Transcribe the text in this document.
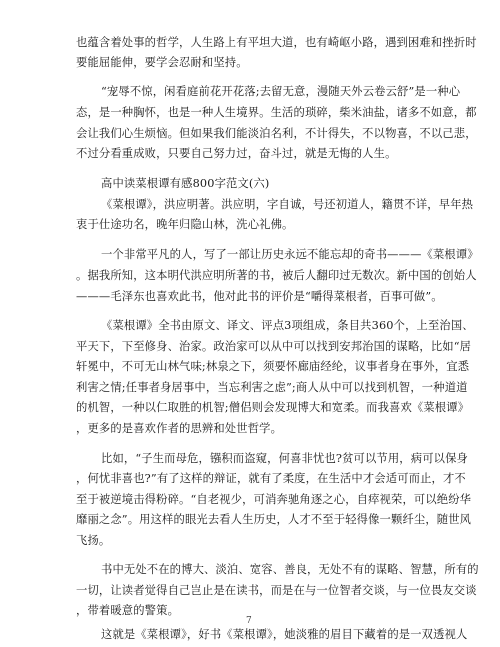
也蕴含着处事的哲学，人生路上有平坦大道，也有崎岖小路，遇到困难和挫折时
要能屈能伸，要学会忍耐和坚持。
“宠辱不惊，闲看庭前花开花落;去留无意，漫随天外云卷云舒”是一种心
态，是一种胸怀，也是一种人生境界。生活的琐碎，柴米油盐，诸多不如意，都
会让我们心生烦恼。但如果我们能淡泊名利，不计得失，不以物喜，不以己悲，
不过分看重成败，只要自己努力过，奋斗过，就是无悔的人生。
高中读菜根谭有感800字范文(六)
《菜根谭》，洪应明著。洪应明，字自诚，号还初道人，籍贯不详，早年热
衷于仕途功名，晚年归隐山林，洗心礼佛。
一个非常平凡的人，写了一部让历史永远不能忘却的奇书———《菜根谭》
。据我所知，这本明代洪应明所著的书，被后人翻印过无数次。新中国的创始人
———毛泽东也喜欢此书，他对此书的评价是“嚼得菜根者，百事可做”。
《菜根谭》全书由原文、译文、评点3项组成，条目共360个，上至治国、
平天下，下至修身、治家。政治家可以从中可以找到安邦治国的谋略，比如“居
轩冕中，不可无山林气味;林泉之下，须要怀廊庙经纶，议事者身在事外，宜悉
利害之情;任事者身居事中，当忘利害之虑”;商人从中可以找到机智，一种道道
的机智，一种以仁取胜的机智;僧侣则会发现博大和宽柔。而我喜欢《菜根谭》
，更多的是喜欢作者的思辨和处世哲学。
比如，“子生而母危，镪积而盗窥，何喜非忧也?贫可以节用，病可以保身
，何忧非喜也?”有了这样的辩证，就有了柔度，在生活中才会适可而止，才不
至于被逆境击得粉碎。“自老视少，可消奔驰角逐之心，自瘁视荣，可以绝纷华
靡丽之念”。用这样的眼光去看人生历史，人才不至于轻得像一颗纤尘，随世风
飞扬。
书中无处不在的博大、淡泊、宽容、善良，无处不有的谋略、智慧，所有的
一切，让读者觉得自己岂止是在读书，而是在与一位智者交谈，与一位畏友交谈
，带着暖意的警策。
这就是《菜根谭》，好书《菜根谭》，她淡雅的眉目下藏着的是一双透视人
7
